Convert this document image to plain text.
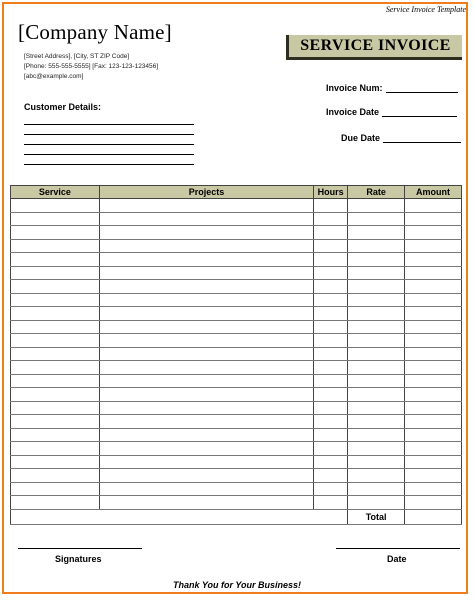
Service Invoice Template
[Company Name]
[Street Address], [City, ST ZIP Code]
[Phone: 555-555-5555] [Fax: 123-123-123456]
[abc@example.com]
SERVICE INVOICE
Invoice Num:
Invoice Date
Due Date
Customer Details:
Service	Projects	Hours	Rate	Amount

			Total	
Signatures	Date
Thank You for Your Business!
